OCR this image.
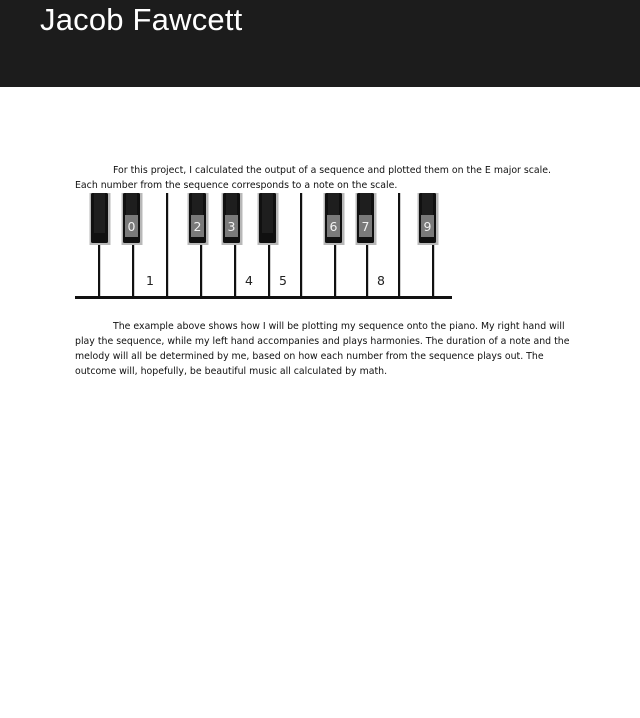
Jacob Fawcett

For this project, I calculated the output of a sequence and plotted them on the E major scale. Each number from the sequence corresponds to a note on the scale.

0	2 3	6 7	9
1	4 5	8

The example above shows how I will be plotting my sequence onto the piano. My right hand will play the sequence, while my left hand accompanies and plays harmonies. The duration of a note and the melody will all be determined by me, based on how each number from the sequence plays out. The outcome will, hopefully, be beautiful music all calculated by math.
